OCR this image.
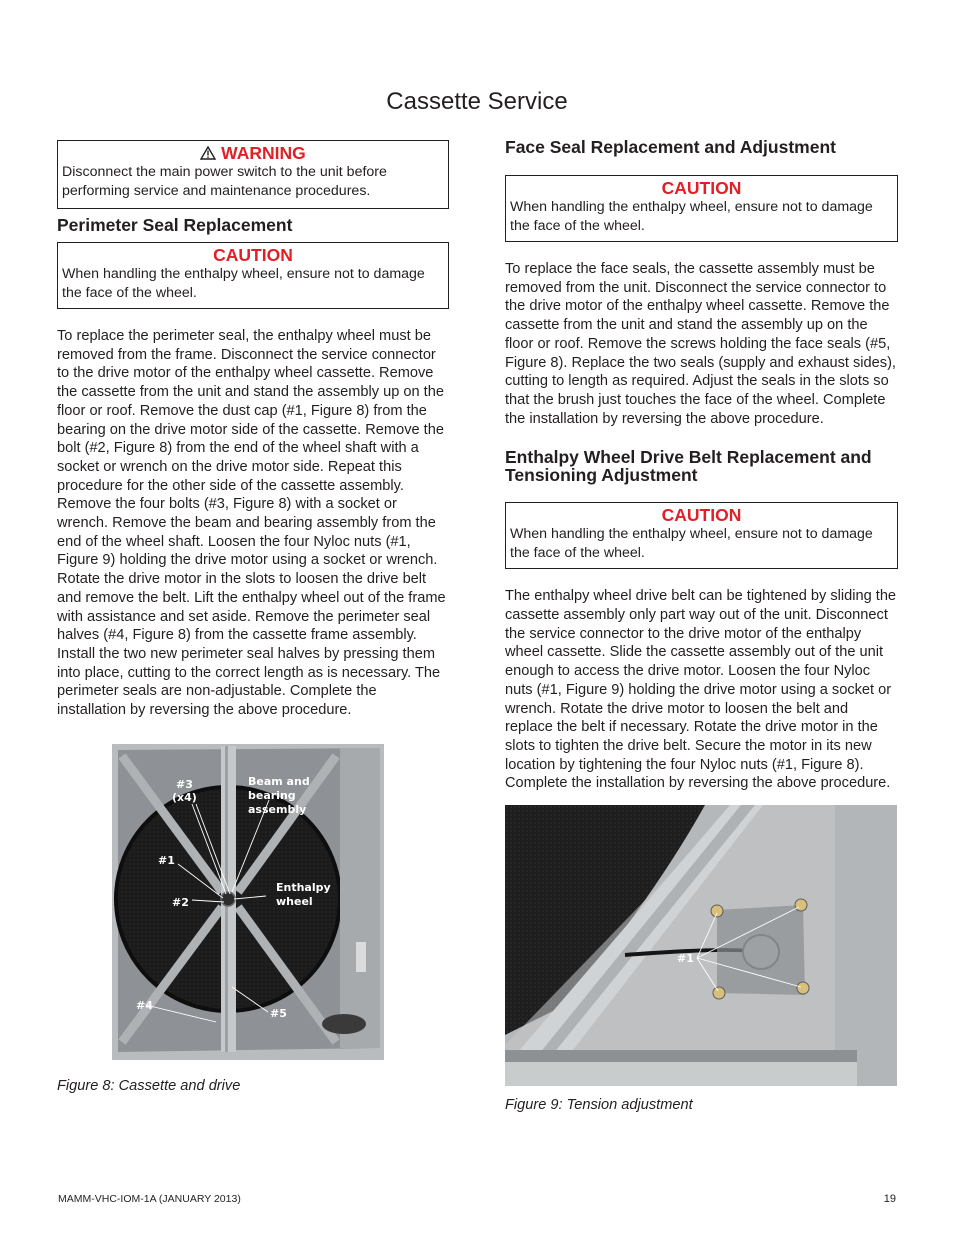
Cassette Service
WARNING
Disconnect the main power switch to the unit before performing service and maintenance procedures.
Perimeter Seal Replacement
CAUTION
When handling the enthalpy wheel, ensure not to damage the face of the wheel.

To replace the perimeter seal, the enthalpy wheel must be removed from the frame. Disconnect the service connector to the drive motor of the enthalpy wheel cassette. Remove the cassette from the unit and stand the assembly up on the floor or roof. Remove the dust cap (#1, Figure 8) from the bearing on the drive motor side of the cassette. Remove the bolt (#2, Figure 8) from the end of the wheel shaft with a socket or wrench on the drive motor side. Repeat this procedure for the other side of the cassette assembly. Remove the four bolts (#3, Figure 8) with a socket or wrench. Remove the beam and bearing assembly from the end of the wheel shaft. Loosen the four Nyloc nuts (#1, Figure 9) holding the drive motor using a socket or wrench. Rotate the drive motor in the slots to loosen the drive belt and remove the belt. Lift the enthalpy wheel out of the frame with assistance and set aside. Remove the perimeter seal halves (#4, Figure 8) from the cassette frame assembly. Install the two new perimeter seal halves by pressing them into place, cutting to the correct length as is necessary. The perimeter seals are non-adjustable. Complete the installation by reversing the above procedure.

#3
(x4)
Beam and
bearing
assembly
#1
Enthalpy
wheel
#2
#4
#5
Figure 8: Cassette and drive
Face Seal Replacement and Adjustment
CAUTION
When handling the enthalpy wheel, ensure not to damage the face of the wheel.

To replace the face seals, the cassette assembly must be removed from the unit. Disconnect the service connector to the drive motor of the enthalpy wheel cassette. Remove the cassette from the unit and stand the assembly up on the floor or roof. Remove the screws holding the face seals (#5, Figure 8). Replace the two seals (supply and exhaust sides), cutting to length as required. Adjust the seals in the slots so that the brush just touches the face of the wheel. Complete the installation by reversing the above procedure.

Enthalpy Wheel Drive Belt Replacement and Tensioning Adjustment
CAUTION
When handling the enthalpy wheel, ensure not to damage the face of the wheel.

The enthalpy wheel drive belt can be tightened by sliding the cassette assembly only part way out of the unit. Disconnect the service connector to the drive motor of the enthalpy wheel cassette. Slide the cassette assembly out of the unit enough to access the drive motor. Loosen the four Nyloc nuts (#1, Figure 9) holding the drive motor using a socket or wrench. Rotate the drive motor to loosen the belt and replace the belt if necessary. Rotate the drive motor in the slots to tighten the drive belt. Secure the motor in its new location by tightening the four Nyloc nuts (#1, Figure 8). Complete the installation by reversing the above procedure.

#1
Figure 9: Tension adjustment
MAMM-VHC-IOM-1A (JANUARY 2013)	19
